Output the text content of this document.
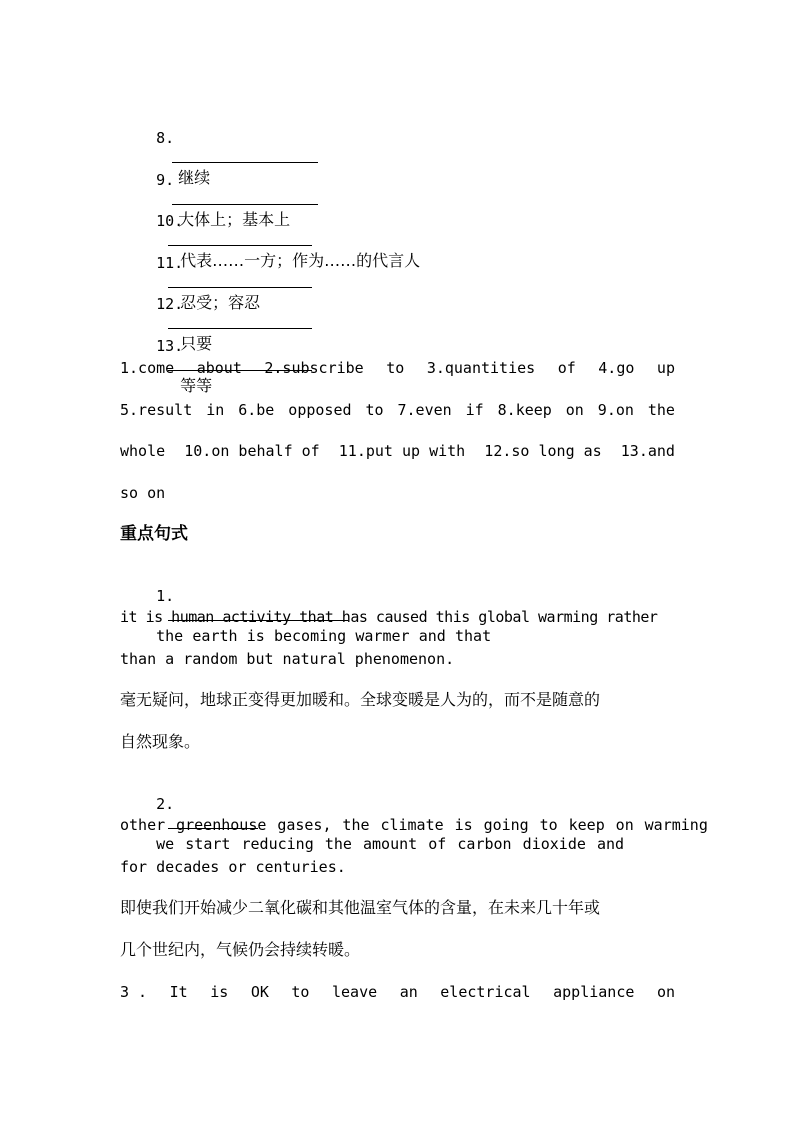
8.

继续

9.

大体上；基本上

10.

代表……一方；作为……的代言人

11.

忍受；容忍

12.

只要

13.

等等

1.come about 2.subscribe to 3.quantities of 4.go up
5.result in 6.be opposed to 7.even if 8.keep on 9.on the
whole 10.on behalf of 11.put up with 12.so long as 13.and
so on
重点句式

1.

the earth is becoming warmer and that

it is human activity that has caused this global warming rather
than a random but natural phenomenon.
毫无疑问，地球正变得更加暖和。全球变暖是人为的，而不是随意的
自然现象。

2.

we start reducing the amount of carbon dioxide and

other greenhouse gases, the climate is going to keep on warming
for decades or centuries.
即使我们开始减少二氧化碳和其他温室气体的含量，在未来几十年或
几个世纪内，气候仍会持续转暖。
3 . It is OK to leave an electrical appliance on
